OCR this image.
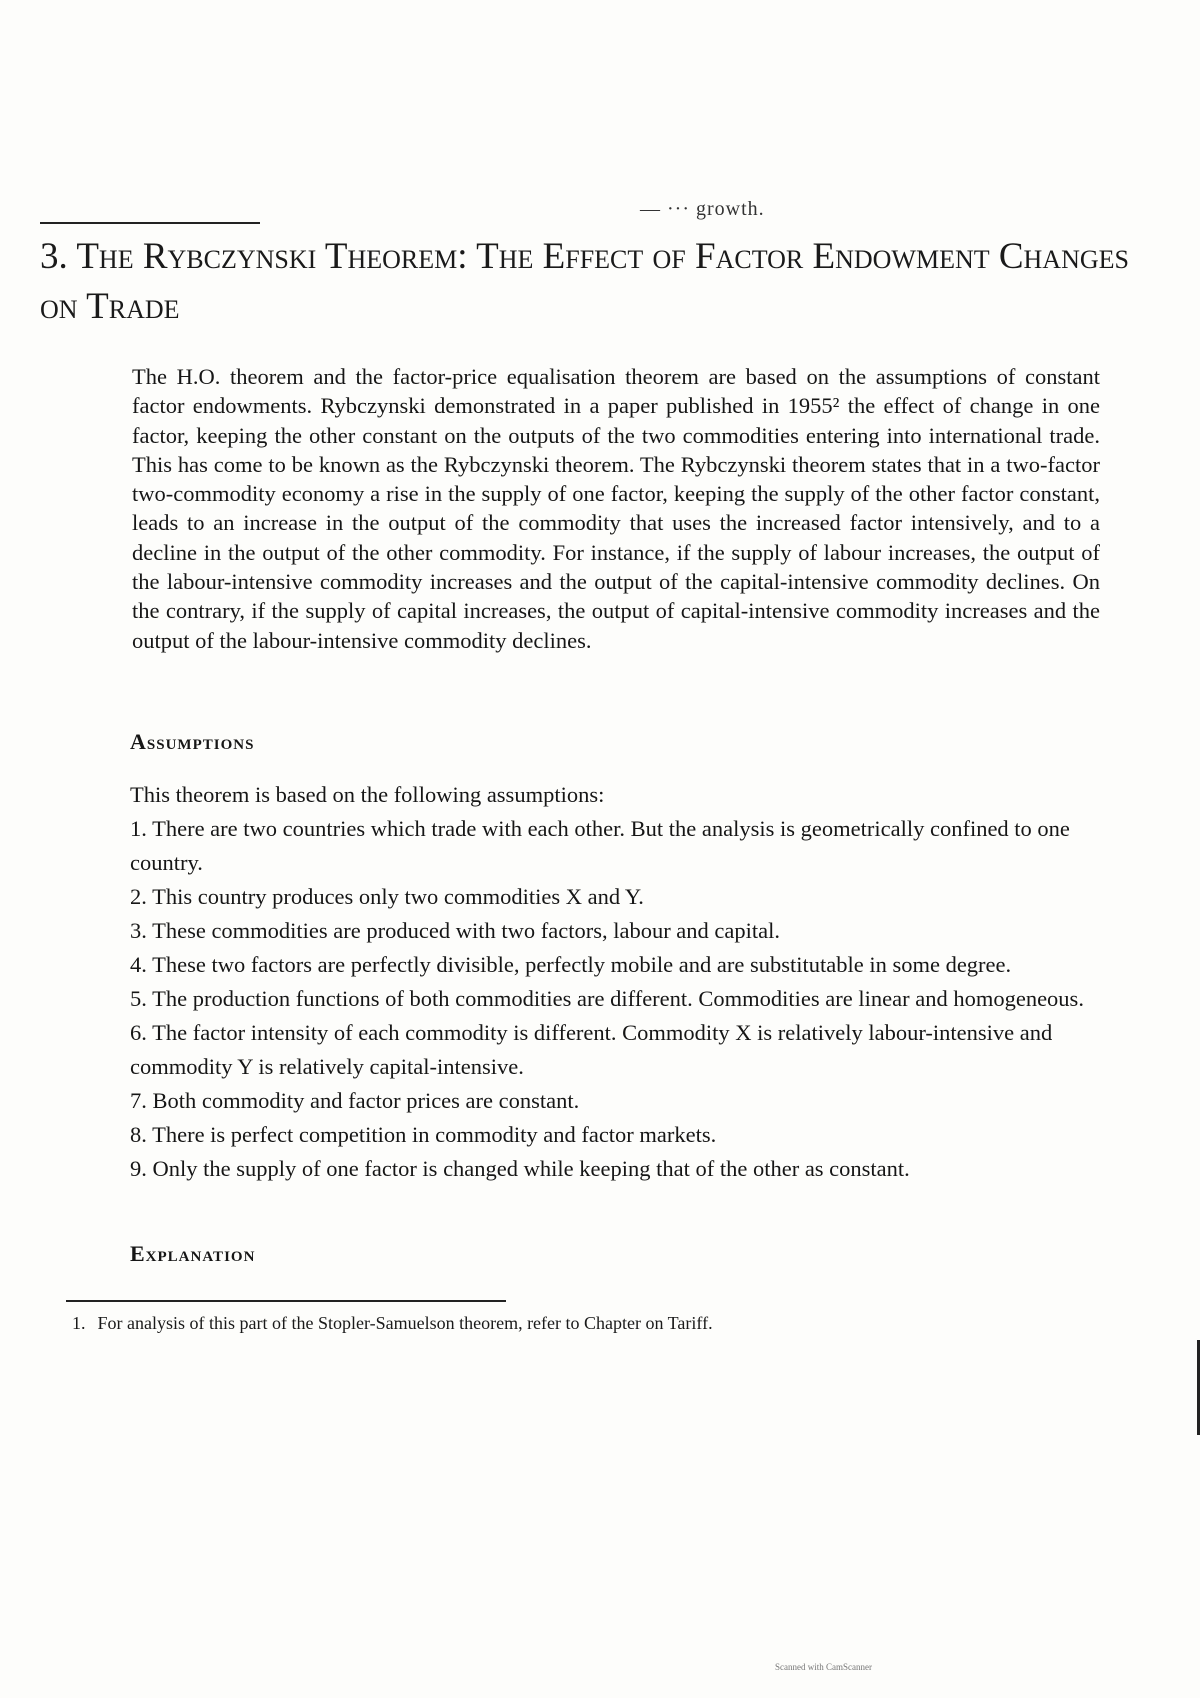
— ··· growth.
3. The Rybczynski Theorem: The Effect of Factor Endowment Changes on Trade

The H.O. theorem and the factor-price equalisation theorem are based on the assumptions of constant factor endowments. Rybczynski demonstrated in a paper published in 1955² the effect of change in one factor, keeping the other constant on the outputs of the two commodities entering into international trade. This has come to be known as the Rybczynski theorem. The Rybczynski theorem states that in a two-factor two-commodity economy a rise in the supply of one factor, keeping the supply of the other factor constant, leads to an increase in the output of the commodity that uses the increased factor intensively, and to a decline in the output of the other commodity. For instance, if the supply of labour increases, the output of the labour-intensive commodity increases and the output of the capital-intensive commodity declines. On the contrary, if the supply of capital increases, the output of capital-intensive commodity increases and the output of the labour-intensive commodity declines.

Assumptions

This theorem is based on the following assumptions:

1. There are two countries which trade with each other. But the analysis is geometrically confined to one country.

2. This country produces only two commodities X and Y.

3. These commodities are produced with two factors, labour and capital.

4. These two factors are perfectly divisible, perfectly mobile and are substitutable in some degree.

5. The production functions of both commodities are different. Commodities are linear and homogeneous.

6. The factor intensity of each commodity is different. Commodity X is relatively labour-intensive and commodity Y is relatively capital-intensive.

7. Both commodity and factor prices are constant.

8. There is perfect competition in commodity and factor markets.

9. Only the supply of one factor is changed while keeping that of the other as constant.

Explanation
1. For analysis of this part of the Stopler-Samuelson theorem, refer to Chapter on Tariff.
Scanned with CamScanner
